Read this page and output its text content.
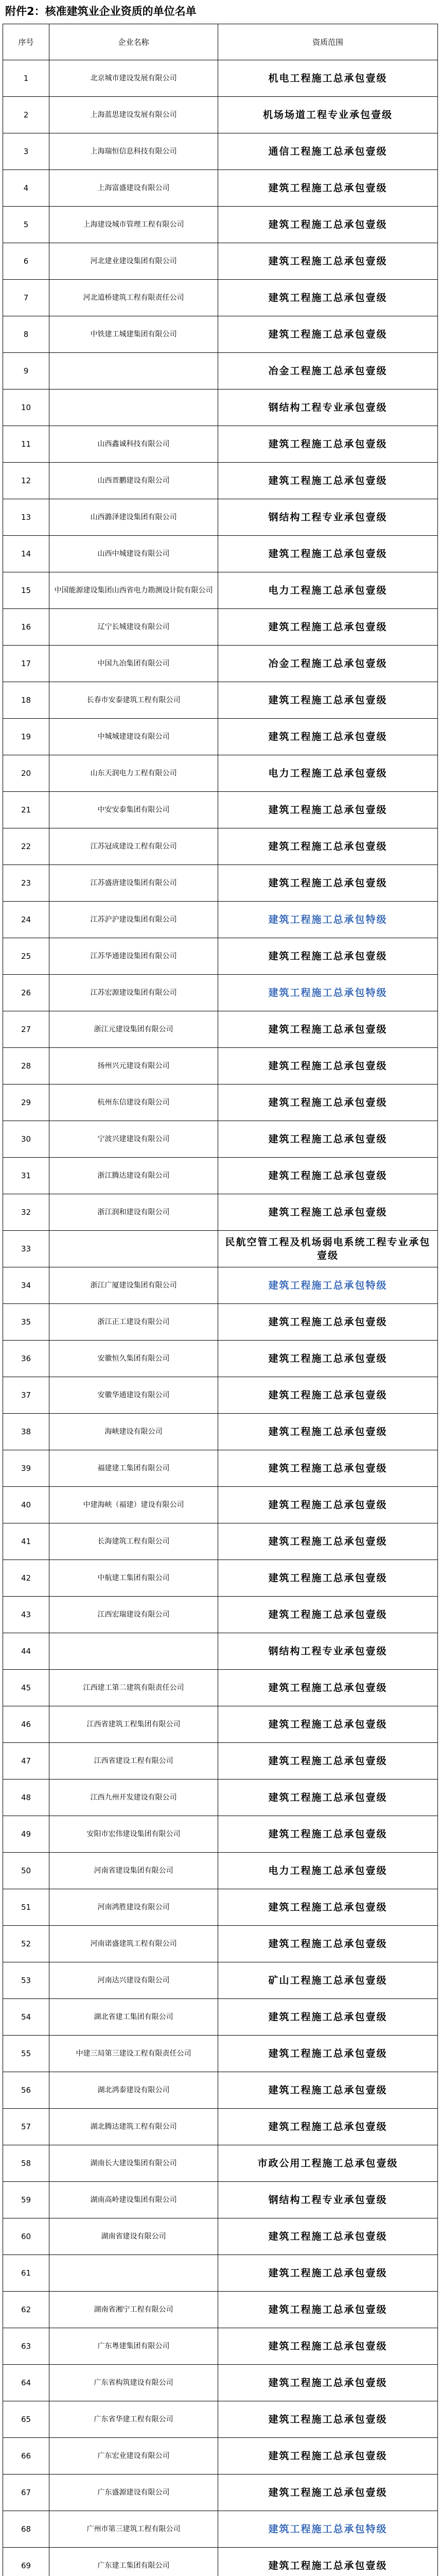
附件2：核准建筑业企业资质的单位名单
序号	企业名称	资质范围
1	北京城市建设发展有限公司	机电工程施工总承包壹级
2	上海蓝思建设发展有限公司	机场场道工程专业承包壹级
3	上海瑞恒信息科技有限公司	通信工程施工总承包壹级
4	上海富盛建设有限公司	建筑工程施工总承包壹级
5	上海建设城市管理工程有限公司	建筑工程施工总承包壹级
6	河北建业建设集团有限公司	建筑工程施工总承包壹级
7	河北道桥建筑工程有限责任公司	建筑工程施工总承包壹级
8	中铁建工城建集团有限公司	建筑工程施工总承包壹级
9		冶金工程施工总承包壹级
10		钢结构工程专业承包壹级
11	山西鑫诚科技有限公司	建筑工程施工总承包壹级
12	山西晋鹏建设有限公司	建筑工程施工总承包壹级
13	山西潞泽建设集团有限公司	钢结构工程专业承包壹级
14	山西中城建设有限公司	建筑工程施工总承包壹级
15	中国能源建设集团山西省电力勘测设计院有限公司	电力工程施工总承包壹级
16	辽宁长城建设有限公司	建筑工程施工总承包壹级
17	中国九冶集团有限公司	冶金工程施工总承包壹级
18	长春市安泰建筑工程有限公司	建筑工程施工总承包壹级
19	中城城建建设有限公司	建筑工程施工总承包壹级
20	山东天润电力工程有限公司	电力工程施工总承包壹级
21	中安安泰集团有限公司	建筑工程施工总承包壹级
22	江苏冠成建设工程有限公司	建筑工程施工总承包壹级
23	江苏盛唐建设集团有限公司	建筑工程施工总承包壹级
24	江苏沪沪建设集团有限公司	建筑工程施工总承包特级
25	江苏华通建设集团有限公司	建筑工程施工总承包壹级
26	江苏宏源建设集团有限公司	建筑工程施工总承包特级
27	浙江元建设集团有限公司	建筑工程施工总承包壹级
28	扬州兴元建设有限公司	建筑工程施工总承包壹级
29	杭州东信建设有限公司	建筑工程施工总承包壹级
30	宁波兴建建设有限公司	建筑工程施工总承包壹级
31	浙江腾达建设有限公司	建筑工程施工总承包壹级
32	浙江润和建设有限公司	建筑工程施工总承包壹级
33		民航空管工程及机场弱电系统工程专业承包壹级
34	浙江广厦建设集团有限公司	建筑工程施工总承包特级
35	浙江正工建设有限公司	建筑工程施工总承包壹级
36	安徽恒久集团有限公司	建筑工程施工总承包壹级
37	安徽华通建设有限公司	建筑工程施工总承包壹级
38	海峡建设有限公司	建筑工程施工总承包壹级
39	福建建工集团有限公司	建筑工程施工总承包壹级
40	中建海峡（福建）建设有限公司	建筑工程施工总承包壹级
41	长海建筑工程有限公司	建筑工程施工总承包壹级
42	中航建工集团有限公司	建筑工程施工总承包壹级
43	江西宏瑞建设有限公司	建筑工程施工总承包壹级
44		钢结构工程专业承包壹级
45	江西建工第二建筑有限责任公司	建筑工程施工总承包壹级
46	江西省建筑工程集团有限公司	建筑工程施工总承包壹级
47	江西省建设工程有限公司	建筑工程施工总承包壹级
48	江西九州开发建设有限公司	建筑工程施工总承包壹级
49	安阳市宏伟建设集团有限公司	建筑工程施工总承包壹级
50	河南省建设集团有限公司	电力工程施工总承包壹级
51	河南鸿胜建设有限公司	建筑工程施工总承包壹级
52	河南诺盛建筑工程有限公司	建筑工程施工总承包壹级
53	河南达兴建设有限公司	矿山工程施工总承包壹级
54	湖北省建工集团有限公司	建筑工程施工总承包壹级
55	中建三局第三建设工程有限责任公司	建筑工程施工总承包壹级
56	湖北鸿泰建设有限公司	建筑工程施工总承包壹级
57	湖北腾达建筑工程有限公司	建筑工程施工总承包壹级
58	湖南长大建设集团有限公司	市政公用工程施工总承包壹级
59	湖南高岭建设集团有限公司	钢结构工程专业承包壹级
60	湖南省建设有限公司	建筑工程施工总承包壹级
61		建筑工程施工总承包壹级
62	湖南省湘宁工程有限公司	建筑工程施工总承包壹级
63	广东粤建集团有限公司	建筑工程施工总承包壹级
64	广东省构筑建设有限公司	建筑工程施工总承包壹级
65	广东省华建工程有限公司	建筑工程施工总承包壹级
66	广东宏业建设有限公司	建筑工程施工总承包壹级
67	广东盛源建设有限公司	建筑工程施工总承包壹级
68	广州市第三建筑工程有限公司	建筑工程施工总承包特级
69	广东建工集团有限公司	建筑工程施工总承包壹级
